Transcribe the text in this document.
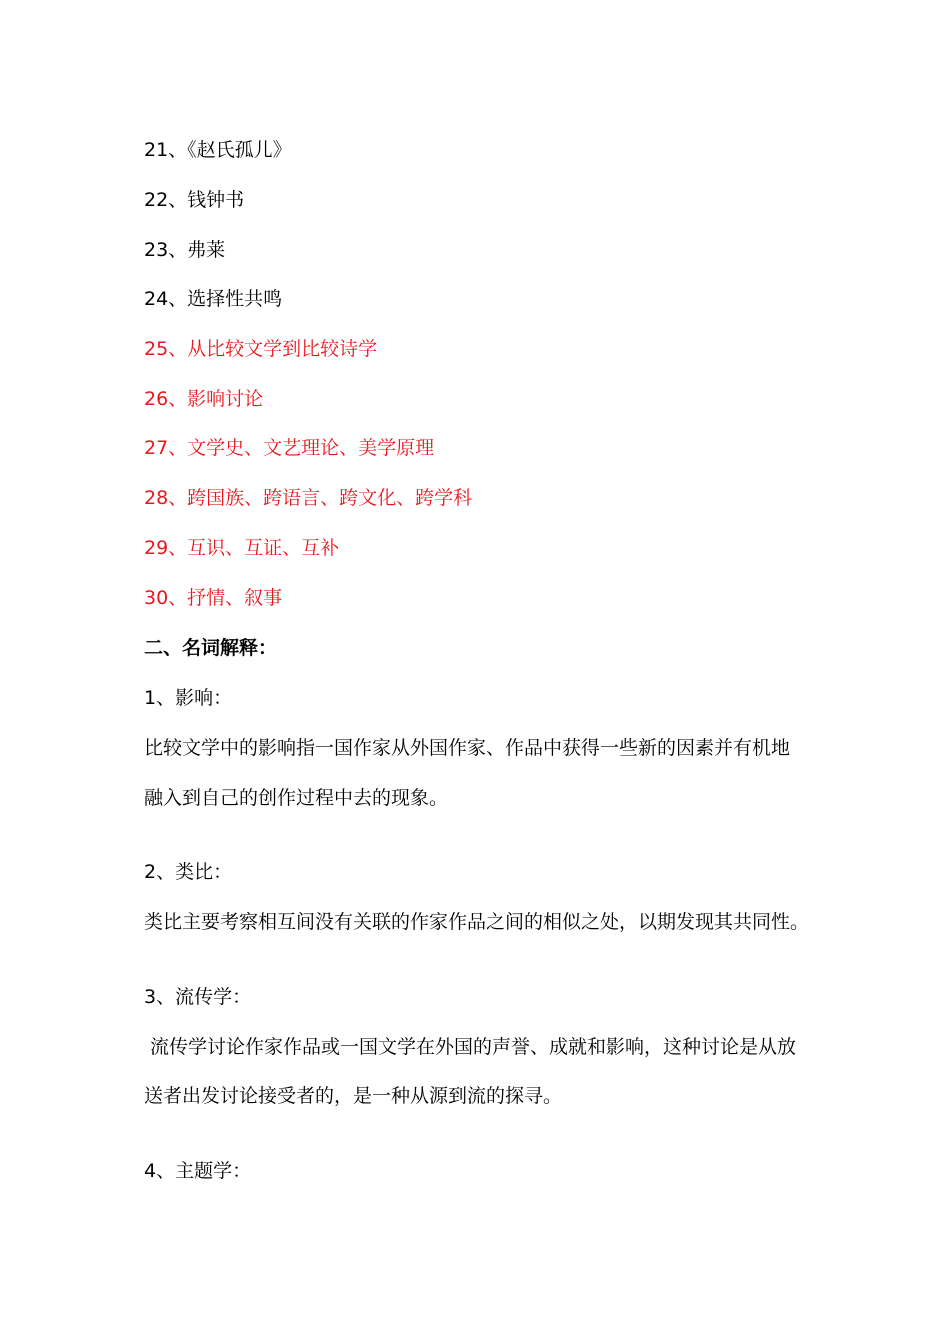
21、《赵氏孤儿》
22、钱钟书
23、弗莱
24、选择性共鸣
25、从比较文学到比较诗学
26、影响讨论
27、文学史、文艺理论、美学原理
28、跨国族、跨语言、跨文化、跨学科
29、互识、互证、互补
30、抒情、叙事
二、名词解释：
1、影响：
比较文学中的影响指一国作家从外国作家、作品中获得一些新的因素并有机地
融入到自己的创作过程中去的现象。
2、类比：
类比主要考察相互间没有关联的作家作品之间的相似之处，以期发现其共同性。
3、流传学：
流传学讨论作家作品或一国文学在外国的声誉、成就和影响，这种讨论是从放
送者出发讨论接受者的，是一种从源到流的探寻。
4、主题学：
